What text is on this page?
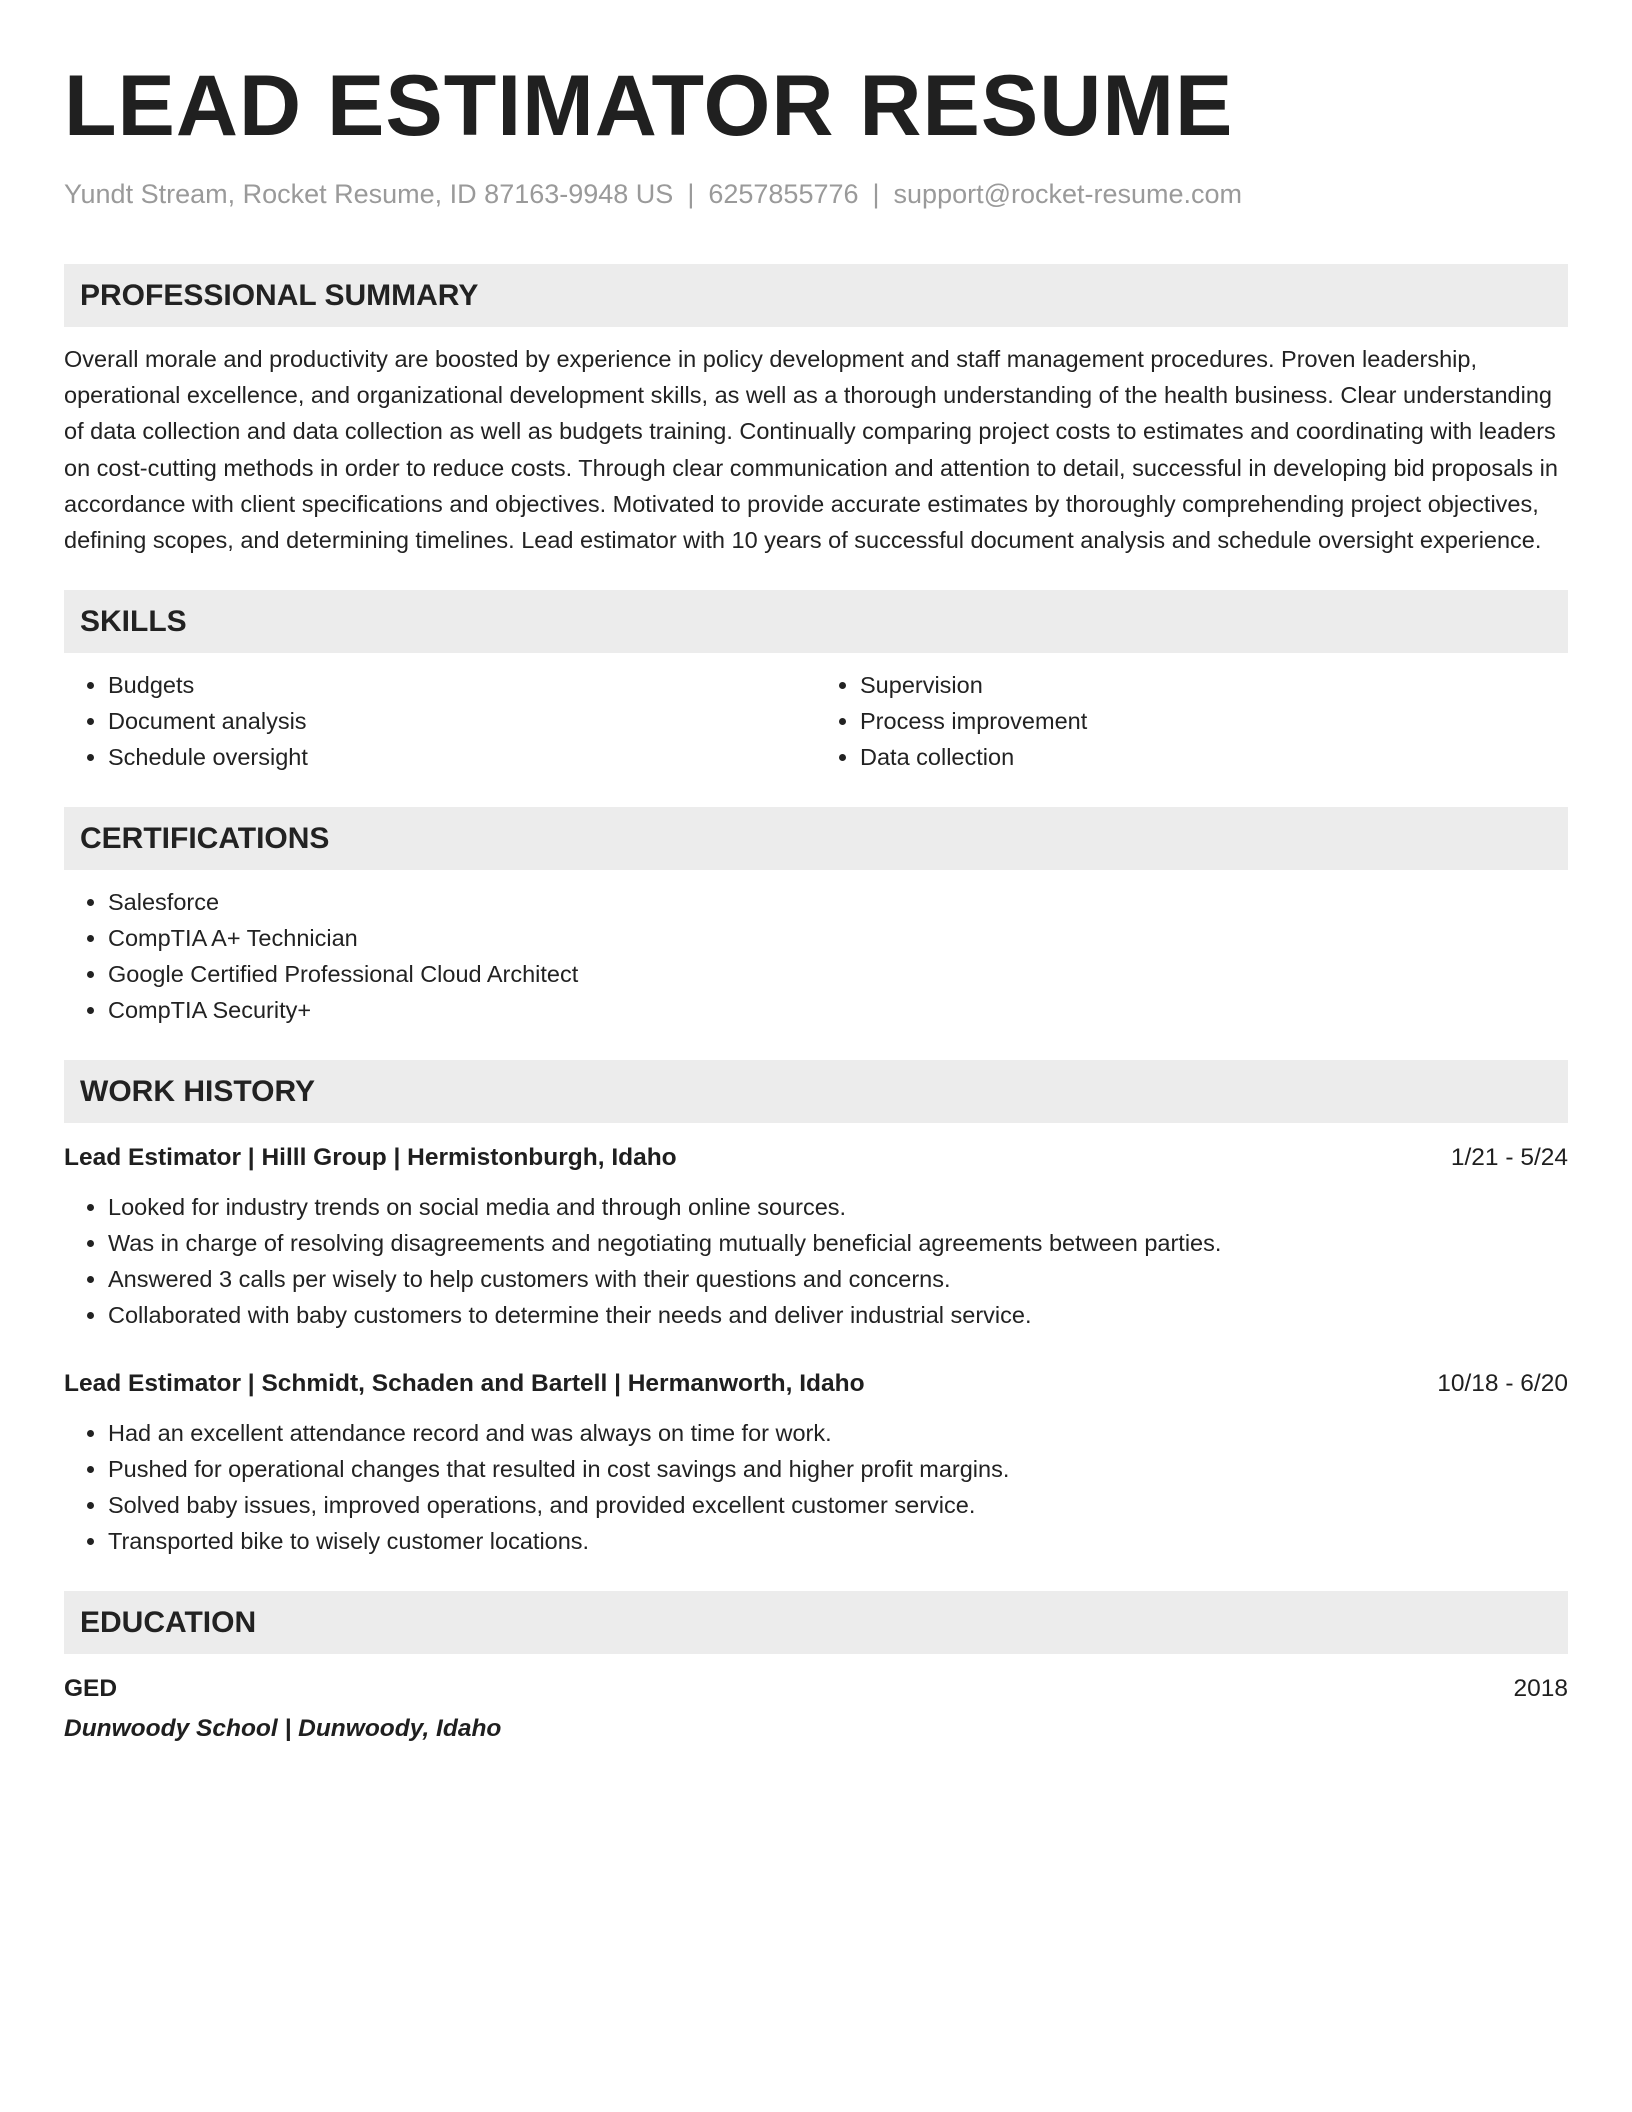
LEAD ESTIMATOR RESUME
Yundt Stream, Rocket Resume, ID 87163-9948 US | 6257855776 | support@rocket-resume.com
PROFESSIONAL SUMMARY
Overall morale and productivity are boosted by experience in policy development and staff management procedures. Proven leadership, operational excellence, and organizational development skills, as well as a thorough understanding of the health business. Clear understanding of data collection and data collection as well as budgets training. Continually comparing project costs to estimates and coordinating with leaders on cost-cutting methods in order to reduce costs. Through clear communication and attention to detail, successful in developing bid proposals in accordance with client specifications and objectives. Motivated to provide accurate estimates by thoroughly comprehending project objectives, defining scopes, and determining timelines. Lead estimator with 10 years of successful document analysis and schedule oversight experience.
SKILLS
• Budgets
• Document analysis
• Schedule oversight
• Supervision
• Process improvement
• Data collection
CERTIFICATIONS
• Salesforce
• CompTIA A+ Technician
• Google Certified Professional Cloud Architect
• CompTIA Security+
WORK HISTORY
Lead Estimator | Hilll Group | Hermistonburgh, Idaho	1/21 - 5/24
• Looked for industry trends on social media and through online sources.
• Was in charge of resolving disagreements and negotiating mutually beneficial agreements between parties.
• Answered 3 calls per wisely to help customers with their questions and concerns.
• Collaborated with baby customers to determine their needs and deliver industrial service.
Lead Estimator | Schmidt, Schaden and Bartell | Hermanworth, Idaho	10/18 - 6/20
• Had an excellent attendance record and was always on time for work.
• Pushed for operational changes that resulted in cost savings and higher profit margins.
• Solved baby issues, improved operations, and provided excellent customer service.
• Transported bike to wisely customer locations.
EDUCATION
GED	2018
Dunwoody School | Dunwoody, Idaho
